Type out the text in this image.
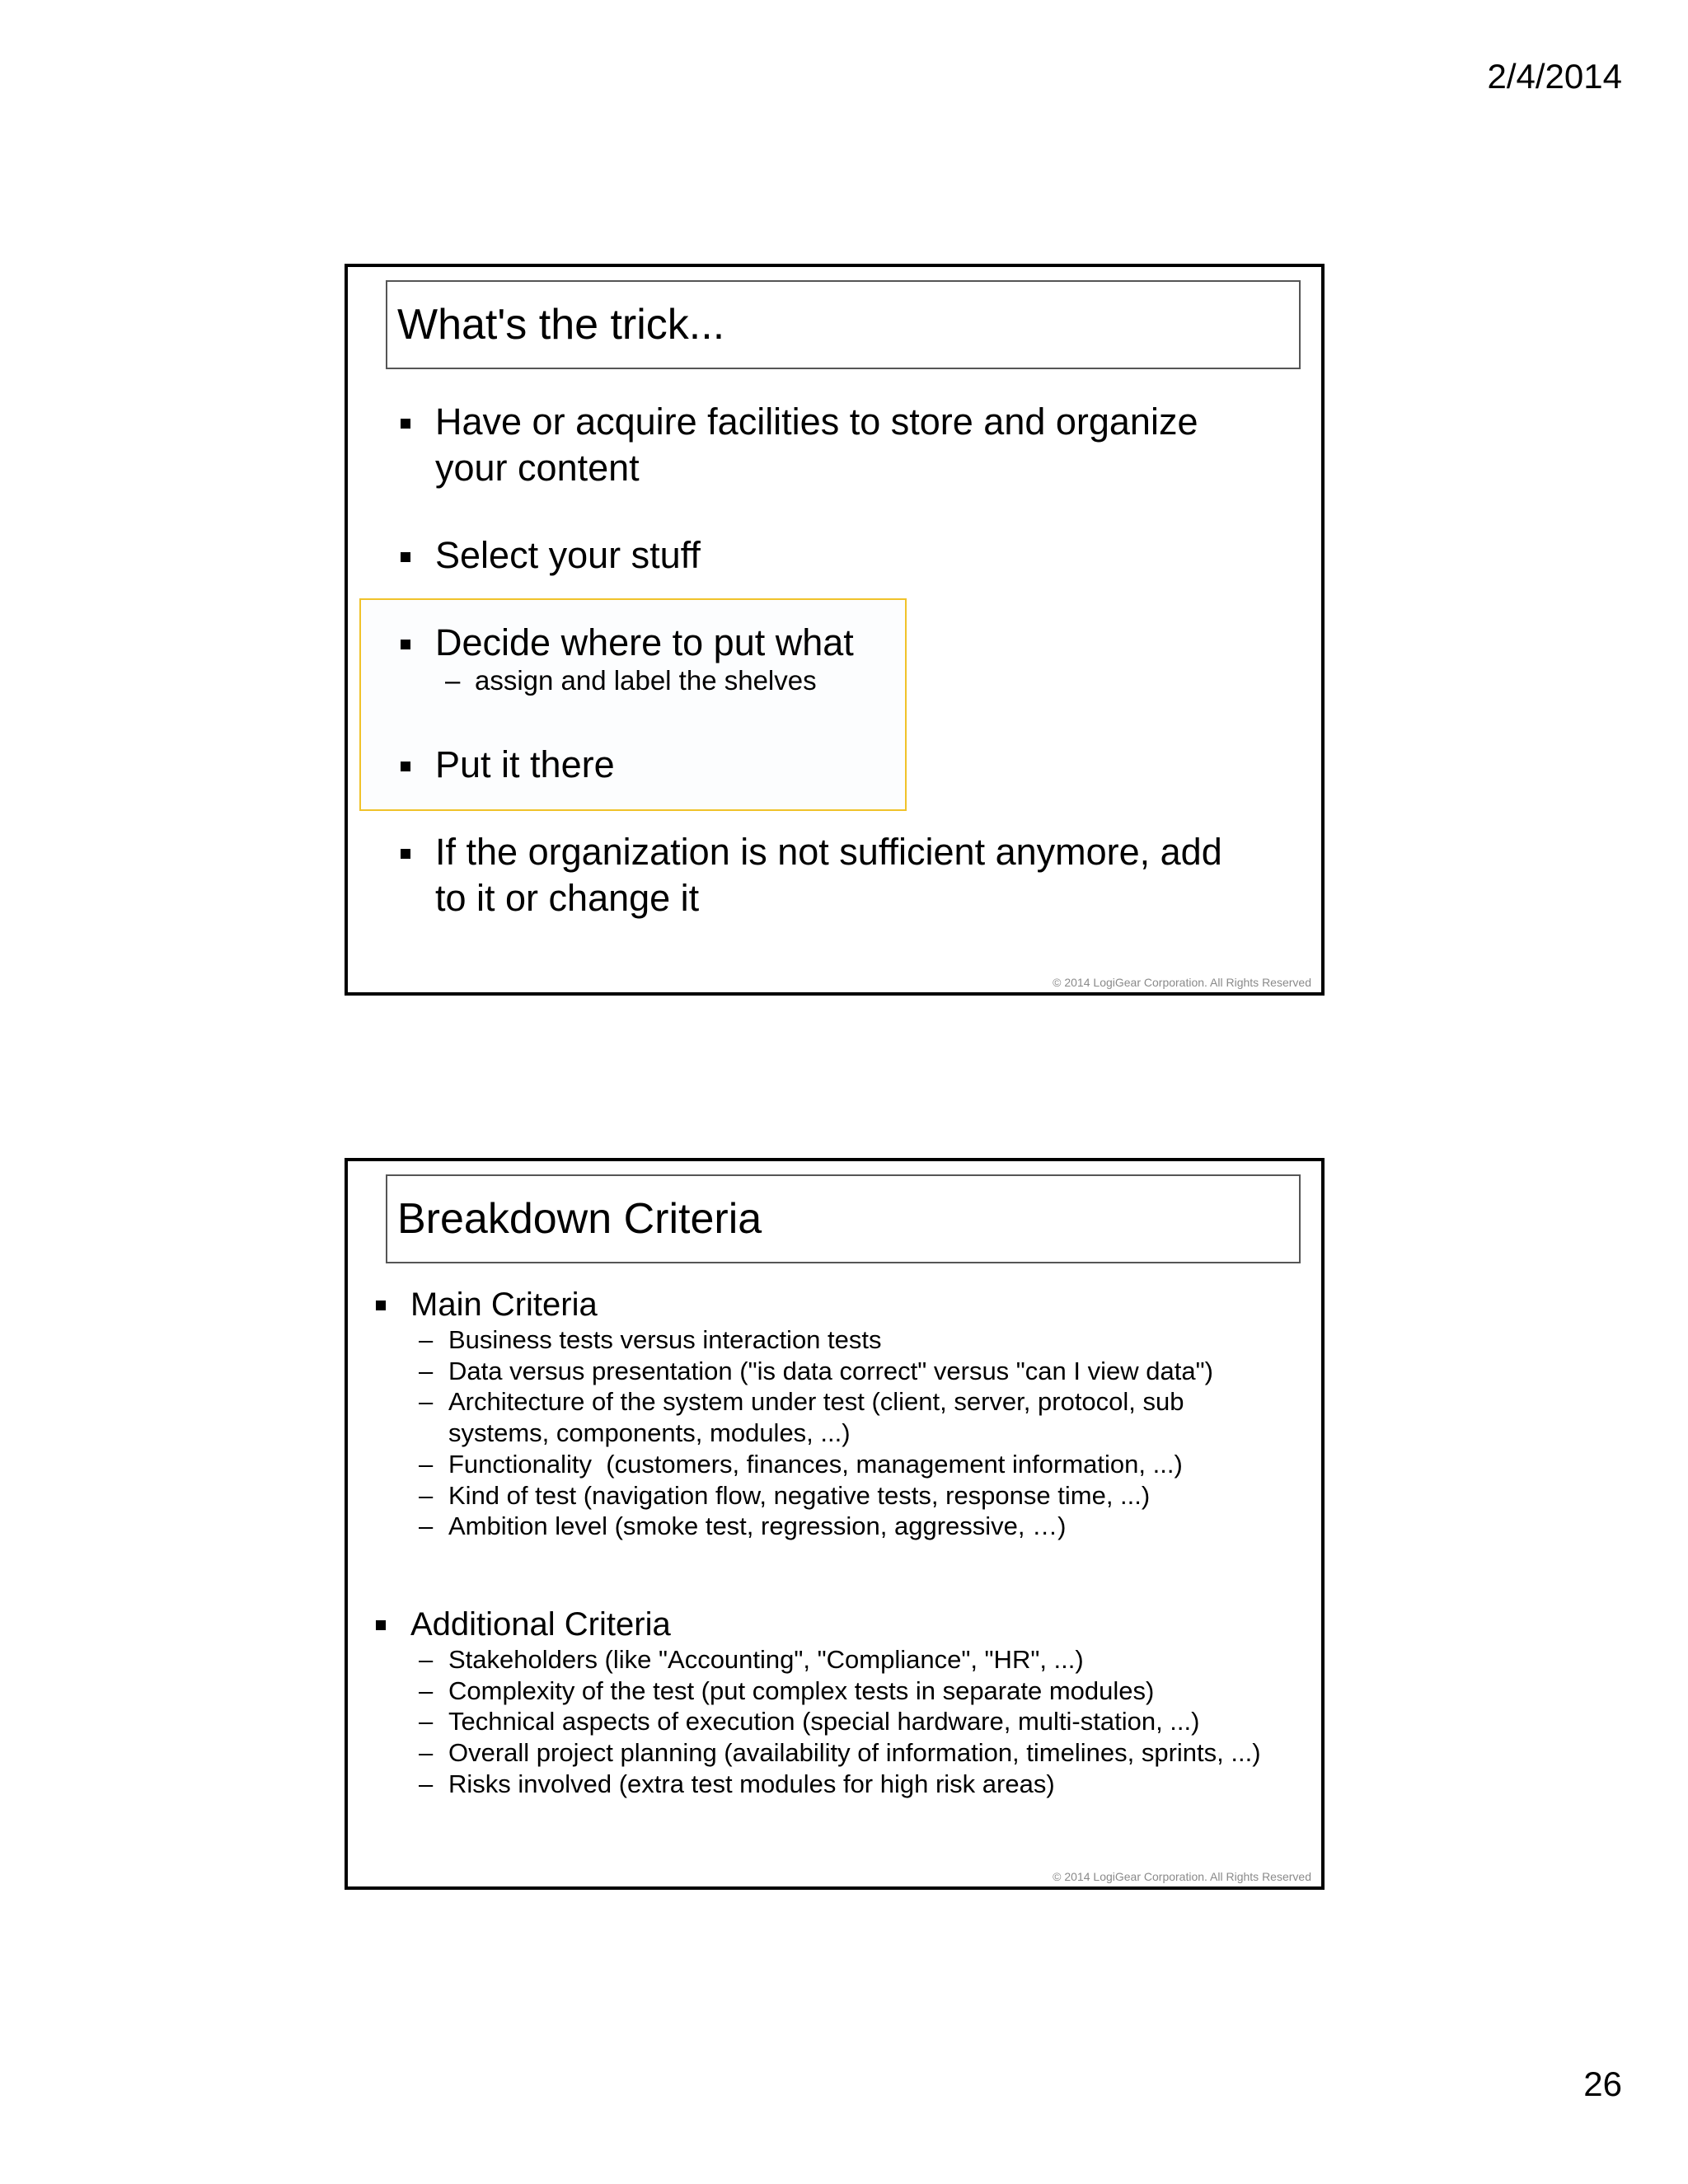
2/4/2014
What's the trick...
Have or acquire facilities to store and organize
your content
Select your stuff
Decide where to put what
– assign and label the shelves
Put it there
If the organization is not sufficient anymore, add
to it or change it
© 2014 LogiGear Corporation. All Rights Reserved
Breakdown Criteria
Main Criteria
– Business tests versus interaction tests
– Data versus presentation ("is data correct" versus "can I view data")
– Architecture of the system under test (client, server, protocol, sub
systems, components, modules, ...)
– Functionality  (customers, finances, management information, ...)
– Kind of test (navigation flow, negative tests, response time, ...)
– Ambition level (smoke test, regression, aggressive, …)
Additional Criteria
– Stakeholders (like "Accounting", "Compliance", "HR", ...)
– Complexity of the test (put complex tests in separate modules)
– Technical aspects of execution (special hardware, multi-station, ...)
– Overall project planning (availability of information, timelines, sprints, ...)
– Risks involved (extra test modules for high risk areas)
© 2014 LogiGear Corporation. All Rights Reserved
26
